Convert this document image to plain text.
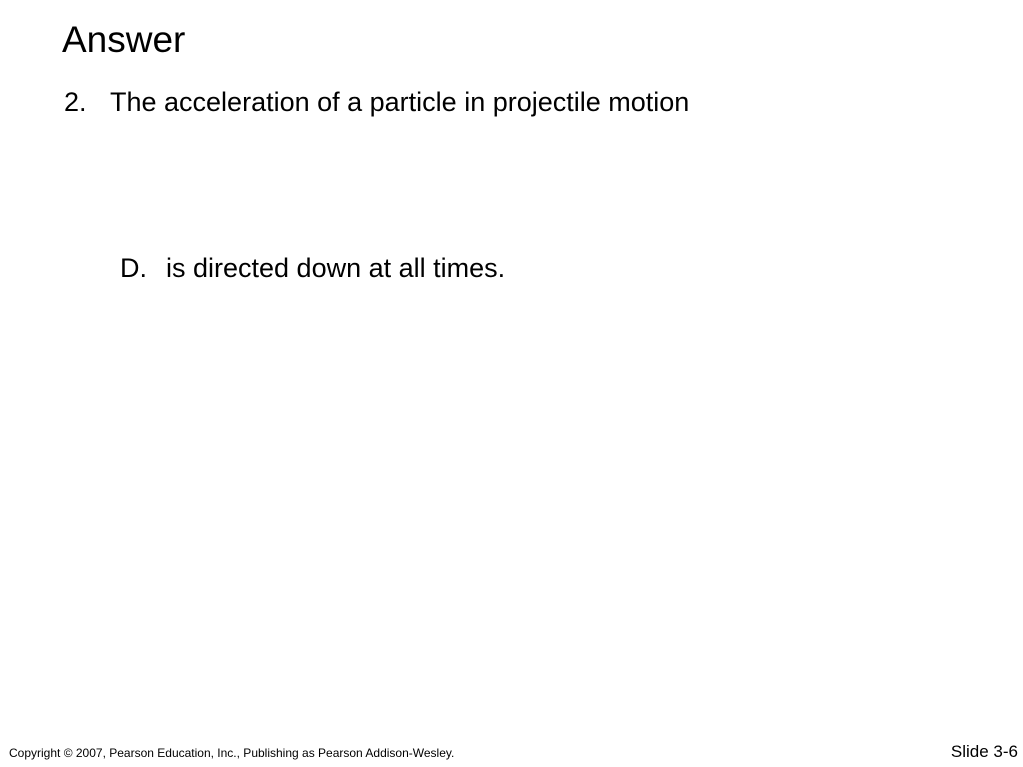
Answer
2. The acceleration of a particle in projectile motion
D. is directed down at all times.
Copyright © 2007, Pearson Education, Inc., Publishing as Pearson Addison-Wesley.	Slide 3-6
